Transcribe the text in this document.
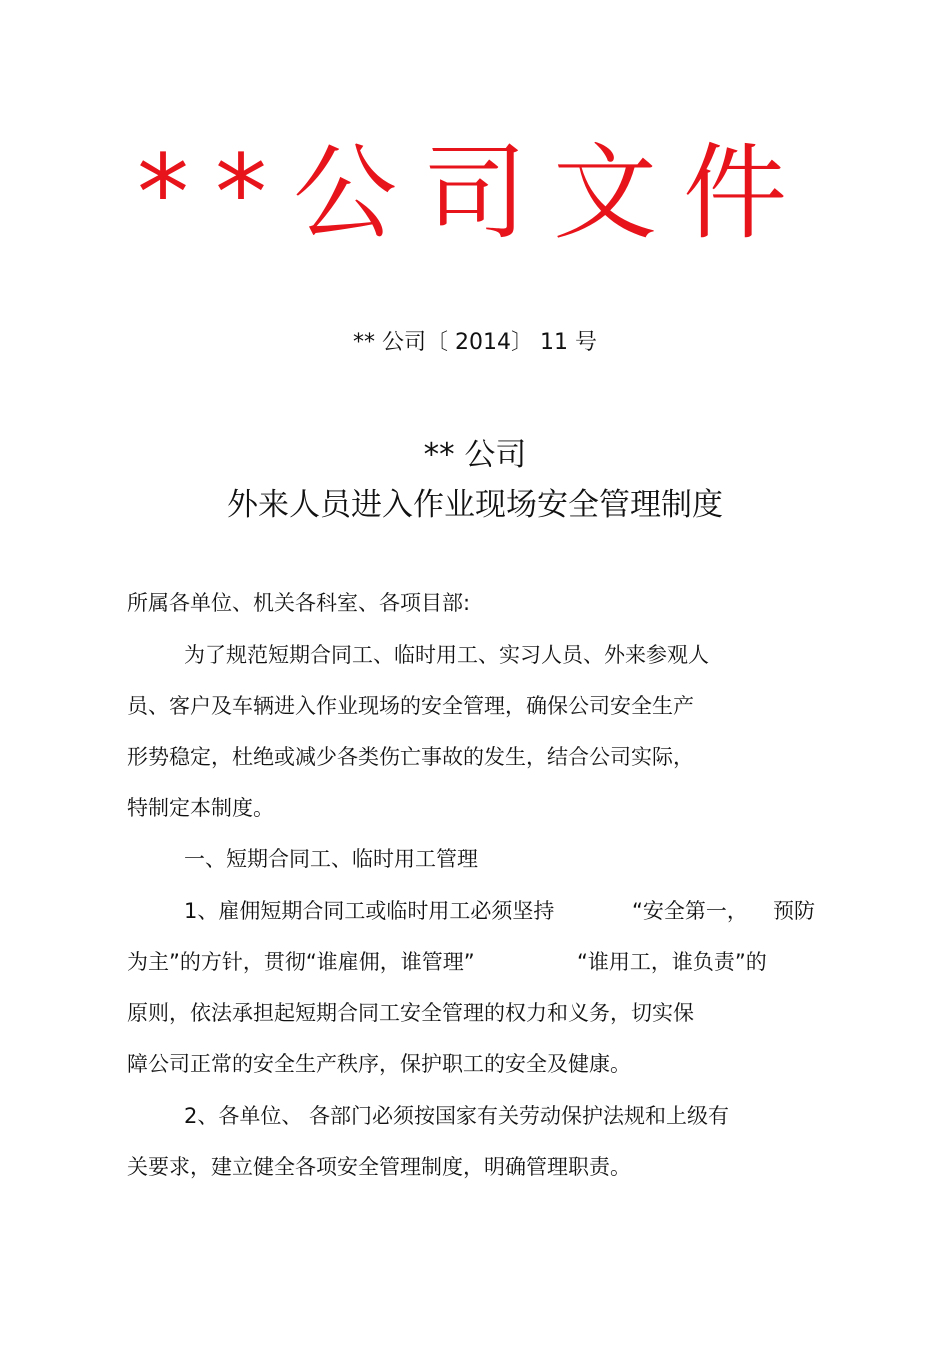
**公司文件
** 公司〔 2014〕 11 号
** 公司
外来人员进入作业现场安全管理制度
所属各单位、机关各科室、各项目部:
为了规范短期合同工、临时用工、实习人员、外来参观人
员、客户及车辆进入作业现场的安全管理，确保公司安全生产
形势稳定，杜绝或减少各类伤亡事故的发生，结合公司实际，
特制定本制度。
一、短期合同工、临时用工管理
1、雇佣短期合同工或临时用工必须坚持	“安全第一， 预防
为主”的方针，贯彻“谁雇佣，谁管理”	“谁用工，谁负责”的
原则，依法承担起短期合同工安全管理的权力和义务，切实保
障公司正常的安全生产秩序，保护职工的安全及健康。
2、各单位、 各部门必须按国家有关劳动保护法规和上级有
关要求，建立健全各项安全管理制度，明确管理职责。
